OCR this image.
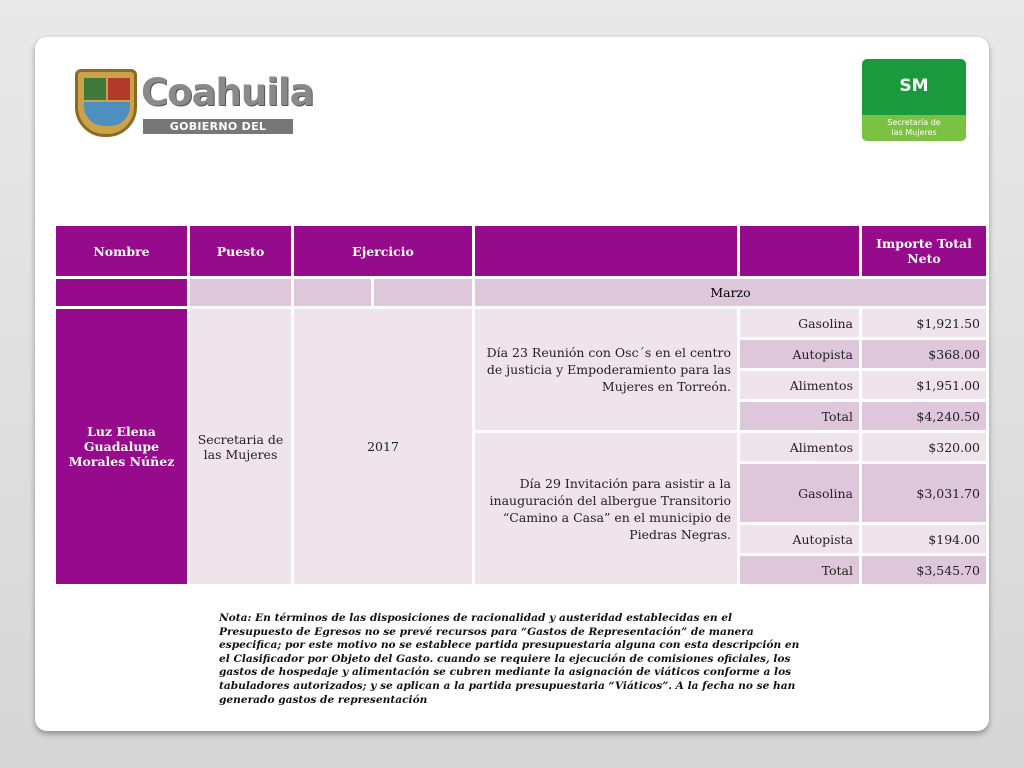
Coahuila
GOBIERNO DEL ESTADO
SM
Secretaría de
las Mujeres
Nombre	Puesto	Ejercicio				Importe Total Neto
				Marzo		
Luz Elena Guadalupe Morales Núñez	Secretaria de las Mujeres	2017		Día 23 Reunión con Osc´s en el centro de justicia y Empoderamiento para las Mujeres en Torreón.	Gasolina	$1,921.50
					Autopista	$368.00
					Alimentos	$1,951.00
					Total	$4,240.50
				Día 29 Invitación para asistir a la inauguración del albergue Transitorio “Camino a Casa” en el municipio de Piedras Negras.	Alimentos	$320.00
					Gasolina	$3,031.70
					Autopista	$194.00
					Total	$3,545.70

Nota: En términos de las disposiciones de racionalidad y austeridad establecidas en el Presupuesto de Egresos no se prevé recursos para “Gastos de Representación” de manera especifica; por este motivo no se establece partida presupuestaria alguna con esta descripción en el Clasificador por Objeto del Gasto. cuando se requiere la ejecución de comisiones oficiales, los gastos de hospedaje y alimentación se cubren mediante la asignación de viáticos conforme a los tabuladores autorizados; y se aplican a la partida presupuestaria “Viáticos”. A la fecha no se han generado gastos de representación
